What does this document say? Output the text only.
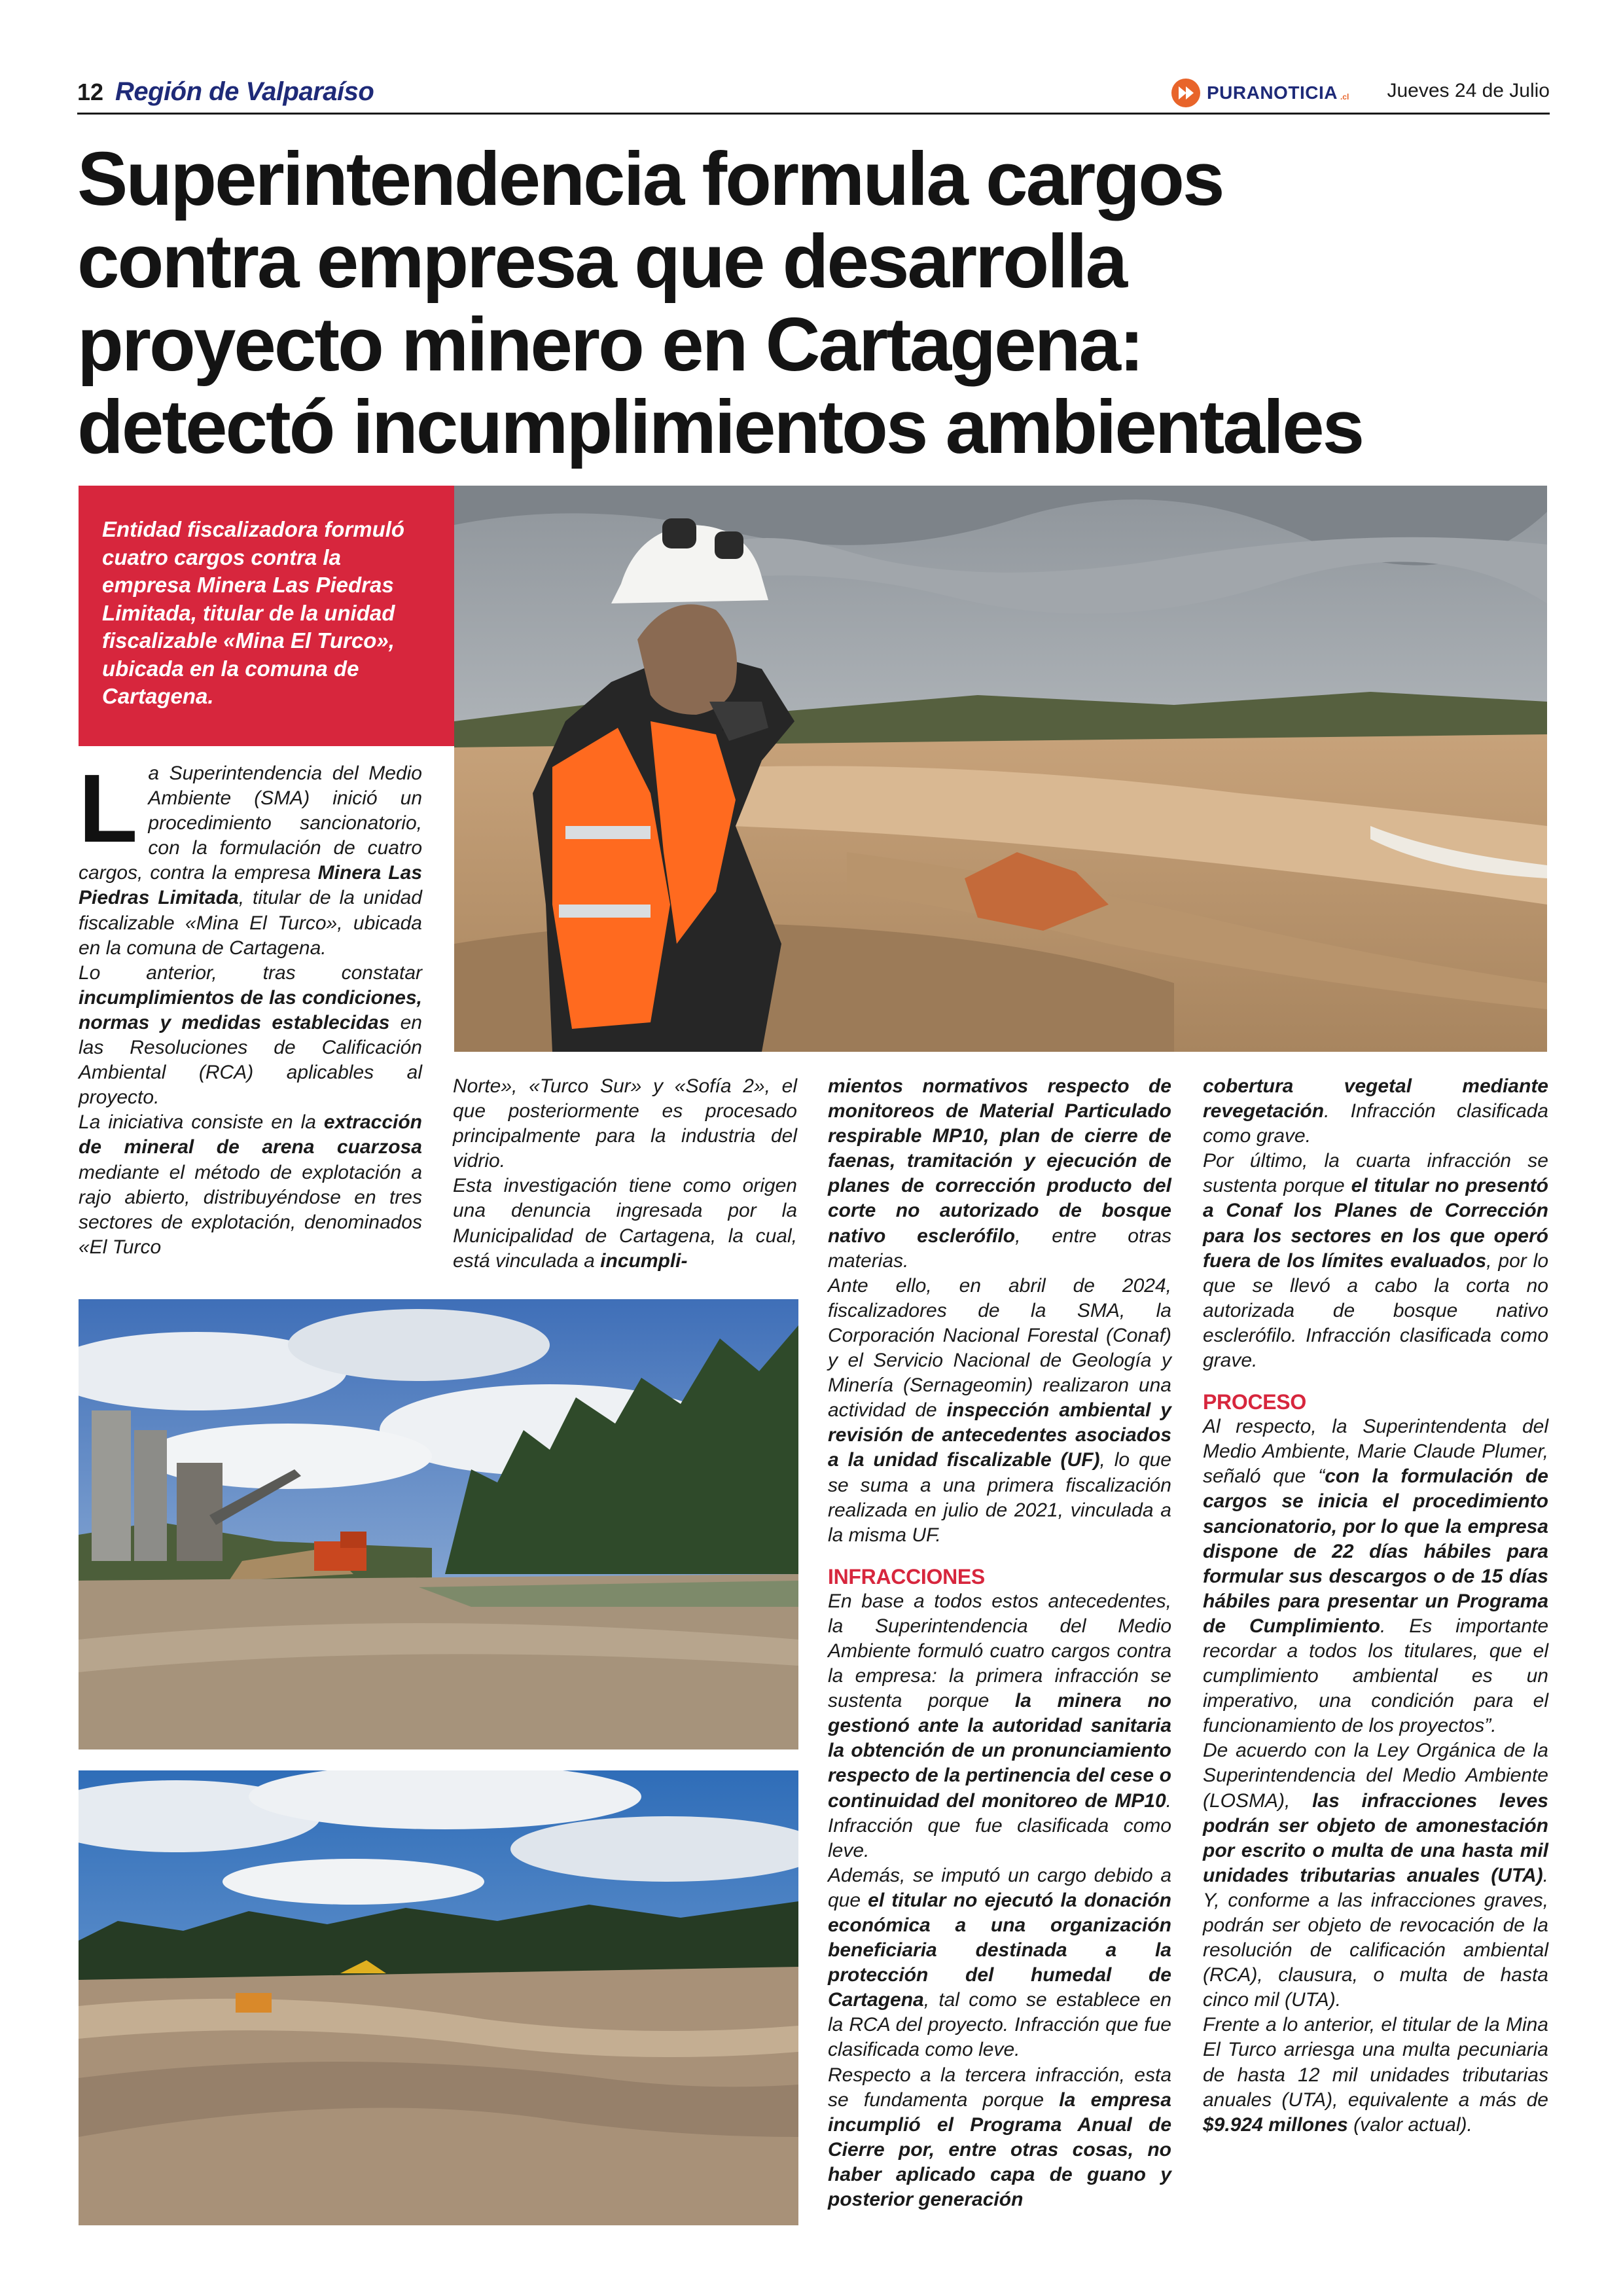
12 Región de Valparaíso	PURANOTICIA .cl Jueves 24 de Julio
Superintendencia formula cargos
contra empresa que desarrolla
proyecto minero en Cartagena:
detectó incumplimientos ambientales

Entidad fiscalizadora formuló cuatro cargos contra la empresa Minera Las Piedras Limitada, titular de la unidad fiscalizable «Mina El Turco», ubicada en la comuna de Cartagena.

La Superintendencia del Medio Ambiente (SMA) inició un procedimiento sancionatorio, con la formulación de cuatro cargos, contra la empresa Minera Las Piedras Limitada, titular de la unidad fiscalizable «Mina El Turco», ubicada en la comuna de Cartagena.

Lo anterior, tras constatar incumplimientos de las condiciones, normas y medidas establecidas en las Resoluciones de Calificación Ambiental (RCA) aplicables al proyecto.

La iniciativa consiste en la extracción de mineral de arena cuarzosa mediante el método de explotación a rajo abierto, distribuyéndose en tres sectores de explotación, denominados «El Turco

Norte», «Turco Sur» y «Sofía 2», el que posteriormente es procesado principalmente para la industria del vidrio.

Esta investigación tiene como origen una denuncia ingresada por la Municipalidad de Cartagena, la cual, está vinculada a incumpli-

mientos normativos respecto de monitoreos de Material Particulado respirable MP10, plan de cierre de faenas, tramitación y ejecución de planes de corrección producto del corte no autorizado de bosque nativo esclerófilo, entre otras materias.

Ante ello, en abril de 2024, fiscalizadores de la SMA, la Corporación Nacional Forestal (Conaf) y el Servicio Nacional de Geología y Minería (Sernageomin) realizaron una actividad de inspección ambiental y revisión de antecedentes asociados a la unidad fiscalizable (UF), lo que se suma a una primera fiscalización realizada en julio de 2021, vinculada a la misma UF.

INFRACCIONES

En base a todos estos antecedentes, la Superintendencia del Medio Ambiente formuló cuatro cargos contra la empresa: la primera infracción se sustenta porque la minera no gestionó ante la autoridad sanitaria la obtención de un pronunciamiento respecto de la pertinencia del cese o continuidad del monitoreo de MP10. Infracción que fue clasificada como leve.

Además, se imputó un cargo debido a que el titular no ejecutó la donación económica a una organización beneficiaria destinada a la protección del humedal de Cartagena, tal como se establece en la RCA del proyecto. Infracción que fue clasificada como leve.

Respecto a la tercera infracción, esta se fundamenta porque la empresa incumplió el Programa Anual de Cierre por, entre otras cosas, no haber aplicado capa de guano y posterior generación

cobertura vegetal mediante revegetación. Infracción clasificada como grave.

Por último, la cuarta infracción se sustenta porque el titular no presentó a Conaf los Planes de Corrección para los sectores en los que operó fuera de los límites evaluados, por lo que se llevó a cabo la corta no autorizada de bosque nativo esclerófilo. Infracción clasificada como grave.

PROCESO

Al respecto, la Superintendenta del Medio Ambiente, Marie Claude Plumer, señaló que “con la formulación de cargos se inicia el procedimiento sancionatorio, por lo que la empresa dispone de 22 días hábiles para formular sus descargos o de 15 días hábiles para presentar un Programa de Cumplimiento. Es importante recordar a todos los titulares, que el cumplimiento ambiental es un imperativo, una condición para el funcionamiento de los proyectos”.

De acuerdo con la Ley Orgánica de la Superintendencia del Medio Ambiente (LOSMA), las infracciones leves podrán ser objeto de amonestación por escrito o multa de una hasta mil unidades tributarias anuales (UTA). Y, conforme a las infracciones graves, podrán ser objeto de revocación de la resolución de calificación ambiental (RCA), clausura, o multa de hasta cinco mil (UTA).

Frente a lo anterior, el titular de la Mina El Turco arriesga una multa pecuniaria de hasta 12 mil unidades tributarias anuales (UTA), equivalente a más de $9.924 millones (valor actual).
